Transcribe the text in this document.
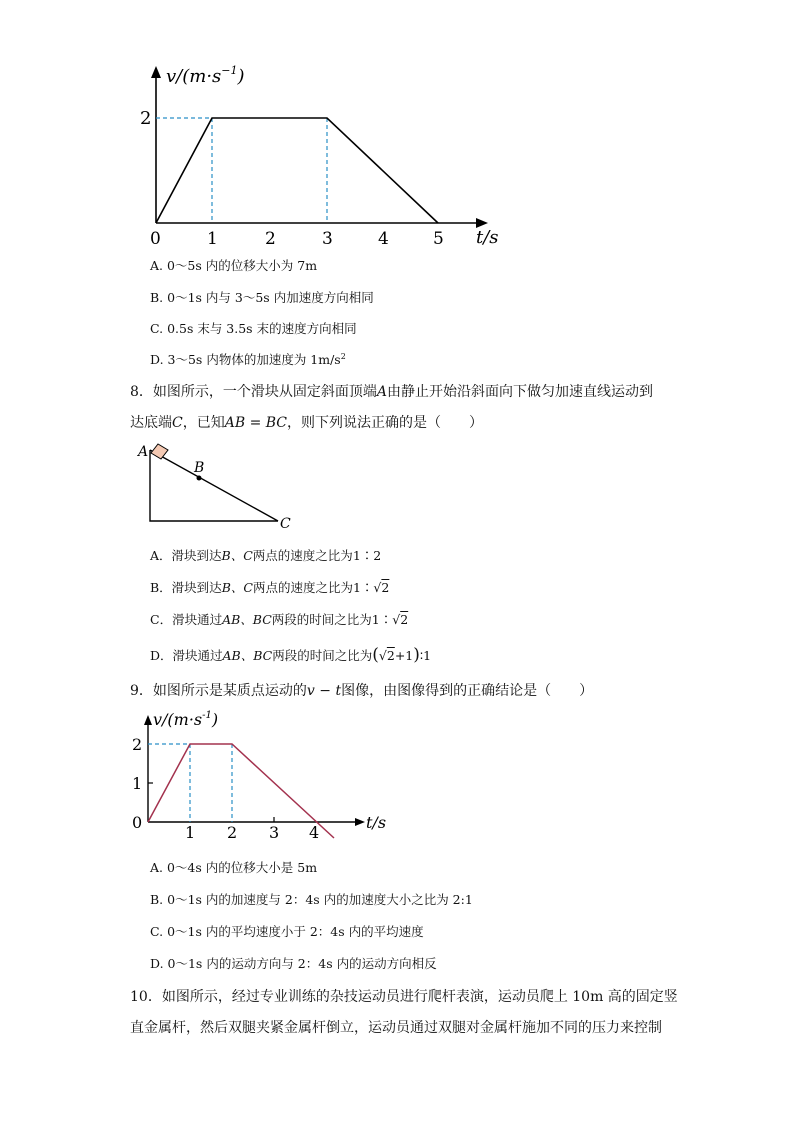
$v/(m\cdot s^{-1})$
2
0	1	2	3	4	5 t/s
A. 0～5s 内的位移大小为 7m
B. 0～1s 内与 3～5s 内加速度方向相同
C. 0.5s 末与 3.5s 末的速度方向相同
D. 3～5s 内物体的加速度为 $1m/s^2$
8．如图所示，一个滑块从固定斜面顶端A由静止开始沿斜面向下做匀加速直线运动到
达底端C，已知AB = BC，则下列说法正确的是（　　）
A
B
C
A．滑块到达B、C两点的速度之比为1∶2
B．滑块到达B、C两点的速度之比为1∶√2
C．滑块通过AB、BC两段的时间之比为1∶√2
D．滑块通过AB、BC两段的时间之比为(√2+1)∶1
9．如图所示是某质点运动的v − t图像，由图像得到的正确结论是（　　）
$v/(m\cdot s^{-1})$
2
1
0
1 2 3 4
t/s
A. 0～4s 内的位移大小是 5m
B. 0～1s 内的加速度与 2：4s 内的加速度大小之比为 2:1
C. 0～1s 内的平均速度小于 2：4s 内的平均速度
D. 0～1s 内的运动方向与 2：4s 内的运动方向相反
10．如图所示，经过专业训练的杂技运动员进行爬杆表演，运动员爬上 10m 高的固定竖
直金属杆，然后双腿夹紧金属杆倒立，运动员通过双腿对金属杆施加不同的压力来控制
